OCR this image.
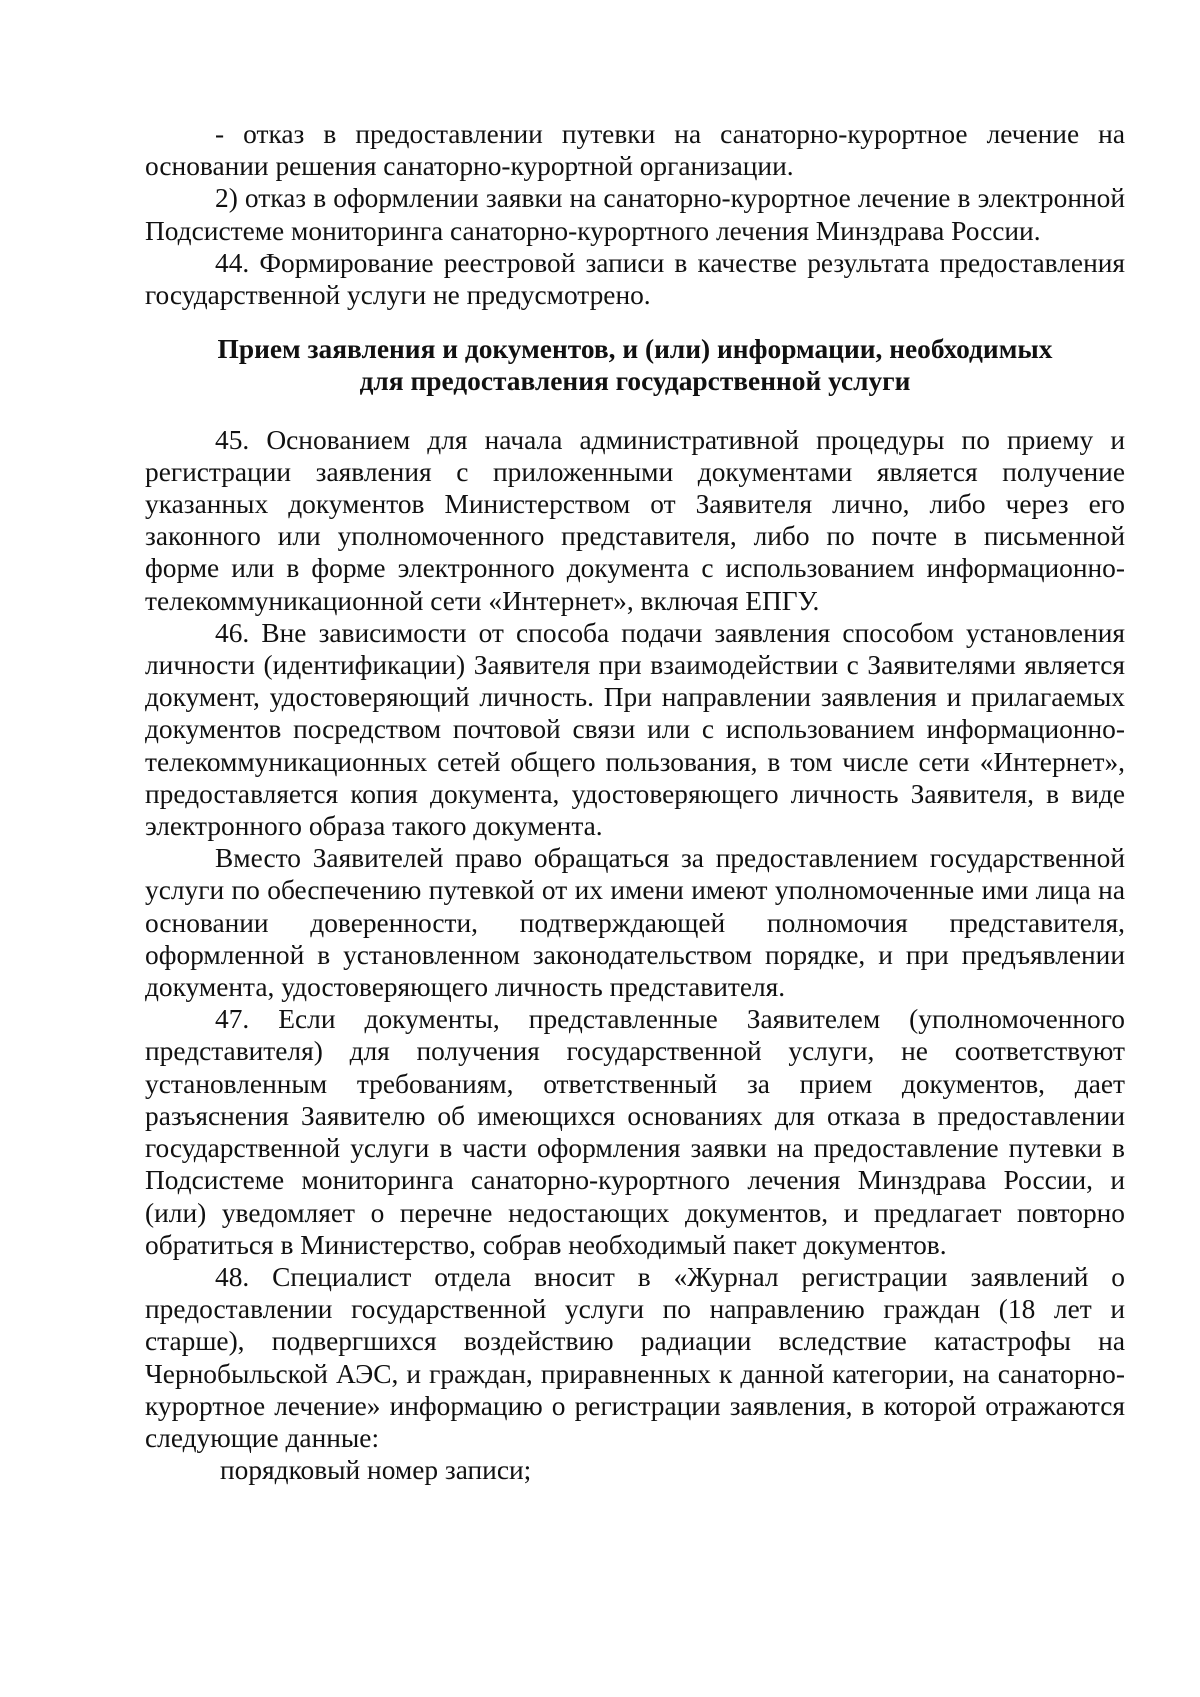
- отказ в предоставлении путевки на санаторно-курортное лечение на основании решения санаторно-курортной организации.

2) отказ в оформлении заявки на санаторно-курортное лечение в электронной Подсистеме мониторинга санаторно-курортного лечения Минздрава России.

44. Формирование реестровой записи в качестве результата предоставления государственной услуги не предусмотрено.

Прием заявления и документов, и (или) информации, необходимых
для предоставления государственной услуги

45. Основанием для начала административной процедуры по приему и регистрации заявления с приложенными документами является получение указанных документов Министерством от Заявителя лично, либо через его законного или уполномоченного представителя, либо по почте в письменной форме или в форме электронного документа с использованием информационно-телекоммуникационной сети «Интернет», включая ЕПГУ.

46. Вне зависимости от способа подачи заявления способом установления личности (идентификации) Заявителя при взаимодействии с Заявителями является документ, удостоверяющий личность. При направлении заявления и прилагаемых документов посредством почтовой связи или с использованием информационно-телекоммуникационных сетей общего пользования, в том числе сети «Интернет», предоставляется копия документа, удостоверяющего личность Заявителя, в виде электронного образа такого документа.

Вместо Заявителей право обращаться за предоставлением государственной услуги по обеспечению путевкой от их имени имеют уполномоченные ими лица на основании доверенности, подтверждающей полномочия представителя, оформленной в установленном законодательством порядке, и при предъявлении документа, удостоверяющего личность представителя.

47. Если документы, представленные Заявителем (уполномоченного представителя) для получения государственной услуги, не соответствуют установленным требованиям, ответственный за прием документов, дает разъяснения Заявителю об имеющихся основаниях для отказа в предоставлении государственной услуги в части оформления заявки на предоставление путевки в Подсистеме мониторинга санаторно-курортного лечения Минздрава России, и (или) уведомляет о перечне недостающих документов, и предлагает повторно обратиться в Министерство, собрав необходимый пакет документов.

48. Специалист отдела вносит в «Журнал регистрации заявлений о предоставлении государственной услуги по направлению граждан (18 лет и старше), подвергшихся воздействию радиации вследствие катастрофы на Чернобыльской АЭС, и граждан, приравненных к данной категории, на санаторно-курортное лечение» информацию о регистрации заявления, в которой отражаются следующие данные:

порядковый номер записи;
